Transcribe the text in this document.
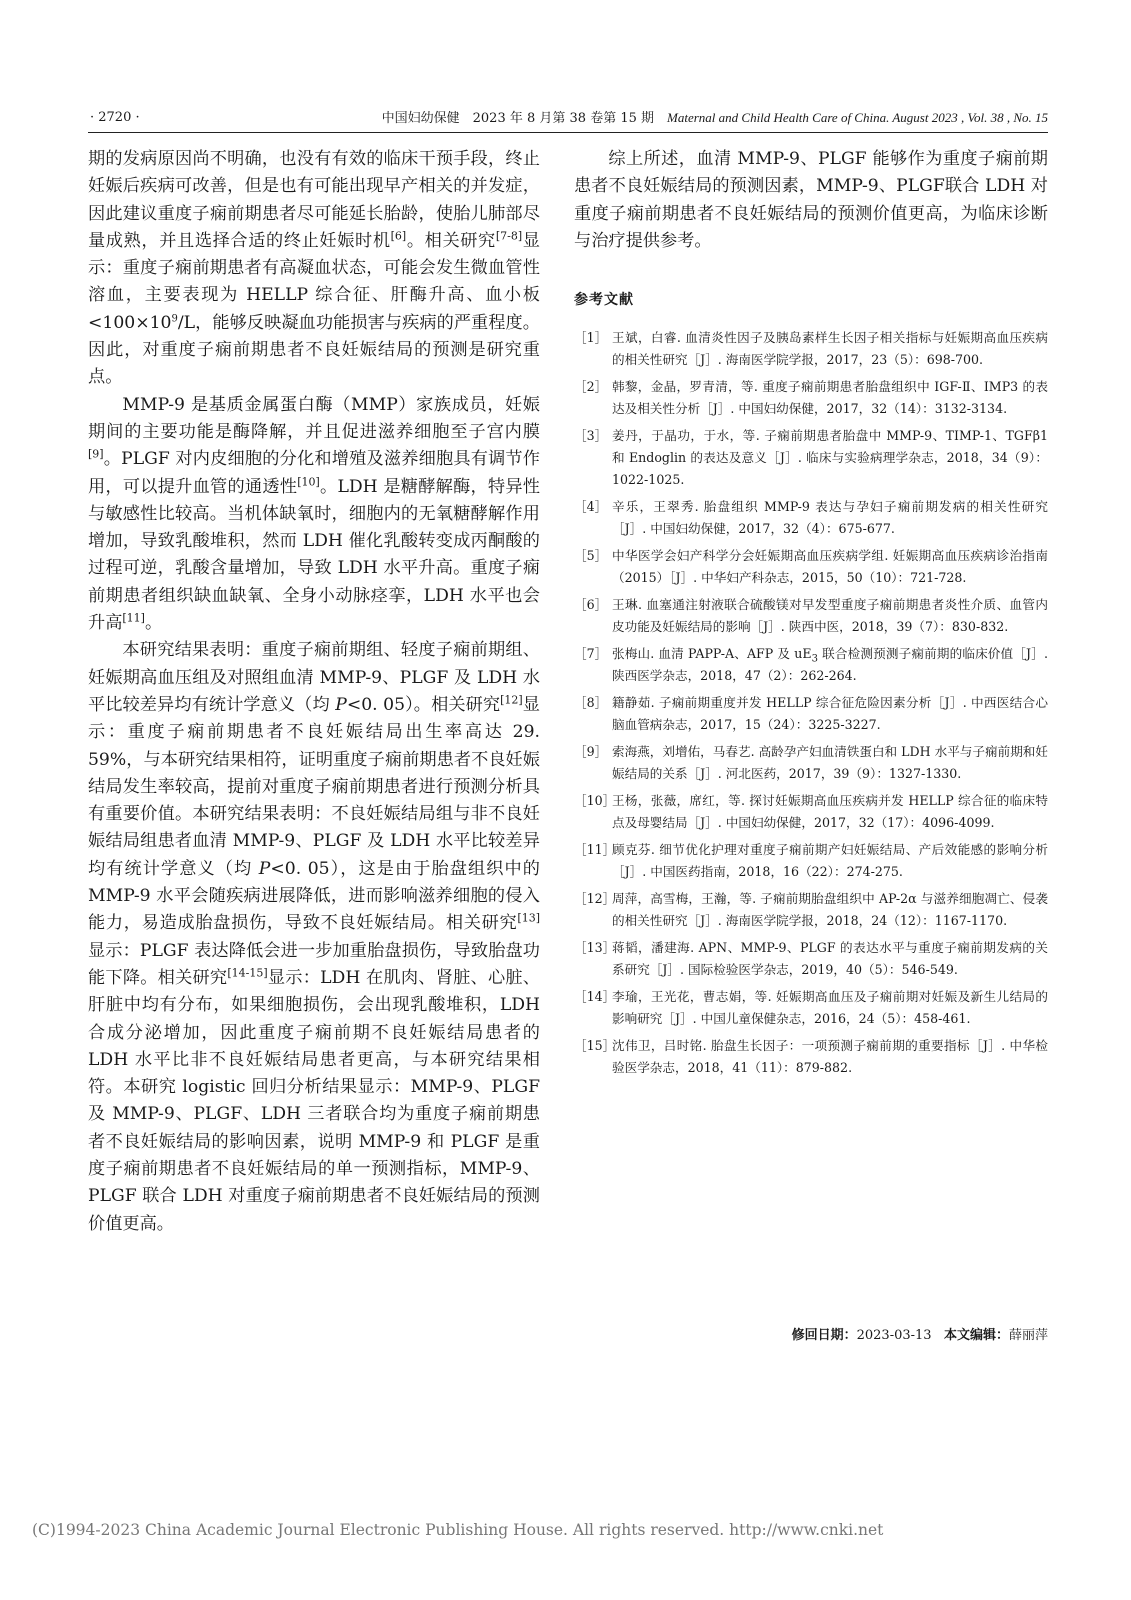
· 2720 ·	中国妇幼保健　2023 年 8 月第 38 卷第 15 期　Maternal and Child Health Care of China. August 2023 , Vol. 38 , No. 15

期的发病原因尚不明确，也没有有效的临床干预手段，终止妊娠后疾病可改善，但是也有可能出现早产相关的并发症，因此建议重度子痫前期患者尽可能延长胎龄，使胎儿肺部尽量成熟，并且选择合适的终止妊娠时机[6]。相关研究[7-8]显示：重度子痫前期患者有高凝血状态，可能会发生微血管性溶血，主要表现为 HELLP 综合征、肝酶升高、血小板$<100\times 10^9/L$，能够反映凝血功能损害与疾病的严重程度。因此，对重度子痫前期患者不良妊娠结局的预测是研究重点。

MMP-9 是基质金属蛋白酶（MMP）家族成员，妊娠期间的主要功能是酶降解，并且促进滋养细胞至子宫内膜[9]。PLGF 对内皮细胞的分化和增殖及滋养细胞具有调节作用，可以提升血管的通透性[10]。LDH 是糖酵解酶，特异性与敏感性比较高。当机体缺氧时，细胞内的无氧糖酵解作用增加，导致乳酸堆积，然而 LDH 催化乳酸转变成丙酮酸的过程可逆，乳酸含量增加，导致 LDH 水平升高。重度子痫前期患者组织缺血缺氧、全身小动脉痉挛，LDH 水平也会升高[11]。

本研究结果表明：重度子痫前期组、轻度子痫前期组、妊娠期高血压组及对照组血清 MMP-9、PLGF 及 LDH 水平比较差异均有统计学意义（均 P<0. 05）。相关研究[12]显示：重度子痫前期患者不良妊娠结局出生率高达 29. 59%，与本研究结果相符，证明重度子痫前期患者不良妊娠结局发生率较高，提前对重度子痫前期患者进行预测分析具有重要价值。本研究结果表明：不良妊娠结局组与非不良妊娠结局组患者血清 MMP-9、PLGF 及 LDH 水平比较差异均有统计学意义（均 P<0. 05），这是由于胎盘组织中的 MMP-9 水平会随疾病进展降低，进而影响滋养细胞的侵入能力，易造成胎盘损伤，导致不良妊娠结局。相关研究[13]显示：PLGF 表达降低会进一步加重胎盘损伤，导致胎盘功能下降。相关研究[14-15]显示：LDH 在肌肉、肾脏、心脏、肝脏中均有分布，如果细胞损伤，会出现乳酸堆积，LDH 合成分泌增加，因此重度子痫前期不良妊娠结局患者的 LDH 水平比非不良妊娠结局患者更高，与本研究结果相符。本研究 logistic 回归分析结果显示：MMP-9、PLGF 及 MMP-9、PLGF、LDH 三者联合均为重度子痫前期患者不良妊娠结局的影响因素，说明 MMP-9 和 PLGF 是重度子痫前期患者不良妊娠结局的单一预测指标，MMP-9、PLGF 联合 LDH 对重度子痫前期患者不良妊娠结局的预测价值更高。

综上所述，血清 MMP-9、PLGF 能够作为重度子痫前期患者不良妊娠结局的预测因素，MMP-9、PLGF联合 LDH 对重度子痫前期患者不良妊娠结局的预测价值更高，为临床诊断与治疗提供参考。

参考文献
［1］ 王斌，白睿. 血清炎性因子及胰岛素样生长因子相关指标与妊娠期高血压疾病的相关性研究［J］. 海南医学院学报，2017，23（5）：698-700.
［2］ 韩黎，金晶，罗青清，等. 重度子痫前期患者胎盘组织中 IGF-Ⅱ、IMP3 的表达及相关性分析［J］. 中国妇幼保健，2017，32（14）：3132-3134.
［3］ 姜丹，于晶功，于水，等. 子痫前期患者胎盘中 MMP-9、TIMP-1、TGFβ1 和 Endoglin 的表达及意义［J］. 临床与实验病理学杂志，2018，34（9）：1022-1025.
［4］ 辛乐，王翠秀. 胎盘组织 MMP-9 表达与孕妇子痫前期发病的相关性研究［J］. 中国妇幼保健，2017，32（4）：675-677.
［5］ 中华医学会妇产科学分会妊娠期高血压疾病学组. 妊娠期高血压疾病诊治指南（2015）［J］. 中华妇产科杂志，2015，50（10）：721-728.
［6］ 王琳. 血塞通注射液联合硫酸镁对早发型重度子痫前期患者炎性介质、血管内皮功能及妊娠结局的影响［J］. 陕西中医，2018，39（7）：830-832.
［7］ 张梅山. 血清 PAPP-A、AFP 及 $uE_3$ 联合检测预测子痫前期的临床价值［J］. 陕西医学杂志，2018，47（2）：262-264.
［8］ 籍静茹. 子痫前期重度并发 HELLP 综合征危险因素分析［J］. 中西医结合心脑血管病杂志，2017，15（24）：3225-3227.
［9］ 索海燕，刘增佑，马春艺. 高龄孕产妇血清铁蛋白和 LDH 水平与子痫前期和妊娠结局的关系［J］. 河北医药，2017，39（9）：1327-1330.
［10］
王杨，张薇，席红，等. 探讨妊娠期高血压疾病并发 HELLP 综合征的临床特点及母婴结局［J］. 中国妇幼保健，2017，32（17）：4096-4099.
［11］
顾克芬. 细节优化护理对重度子痫前期产妇妊娠结局、产后效能感的影响分析［J］. 中国医药指南，2018，16（22）：274-275.
［12］
周萍，高雪梅，王瀚，等. 子痫前期胎盘组织中 AP-2α 与滋养细胞凋亡、侵袭的相关性研究［J］. 海南医学院学报，2018，24（12）：1167-1170.
［13］
蒋韬，潘建海. APN、MMP-9、PLGF 的表达水平与重度子痫前期发病的关系研究［J］. 国际检验医学杂志，2019，40（5）：546-549.
［14］
李瑜，王光花，曹志娟，等. 妊娠期高血压及子痫前期对妊娠及新生儿结局的影响研究［J］. 中国儿童保健杂志，2016，24（5）：458-461.
［15］
沈伟卫，吕时铭. 胎盘生长因子：一项预测子痫前期的重要指标［J］. 中华检验医学杂志，2018，41（11）：879-882.
修回日期：2023-03-13 本文编辑：薛丽萍
(C)1994-2023 China Academic Journal Electronic Publishing House. All rights reserved. http://www.cnki.net
